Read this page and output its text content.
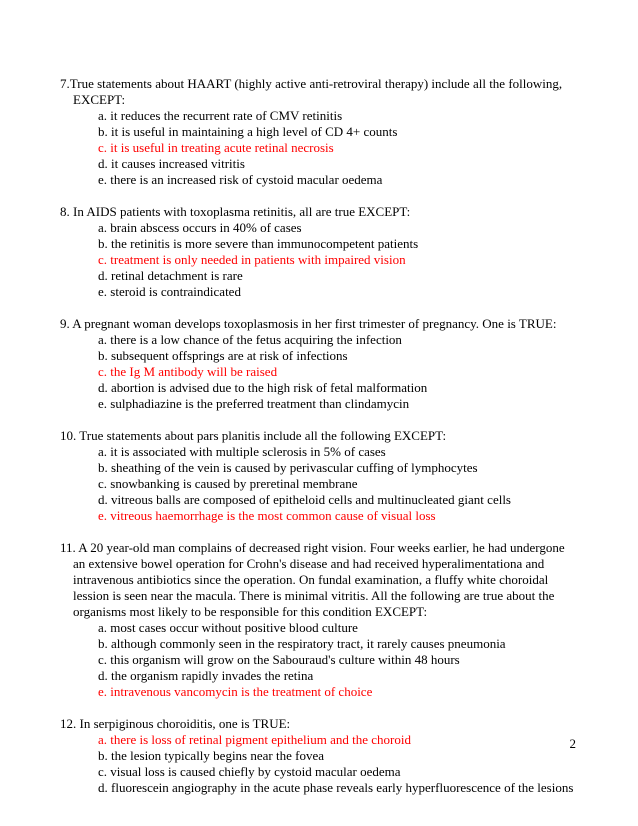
7.True statements about HAART (highly active anti-retroviral therapy) include all the following,
EXCEPT:
a. it reduces the recurrent rate of CMV retinitis
b. it is useful in maintaining a high level of CD 4+ counts
c. it is useful in treating acute retinal necrosis
d. it causes increased vitritis
e. there is an increased risk of cystoid macular oedema
8. In AIDS patients with toxoplasma retinitis, all are true EXCEPT:
a. brain abscess occurs in 40% of cases
b. the retinitis is more severe than immunocompetent patients
c. treatment is only needed in patients with impaired vision
d. retinal detachment is rare
e. steroid is contraindicated
9. A pregnant woman develops toxoplasmosis in her first trimester of pregnancy. One is TRUE:
a. there is a low chance of the fetus acquiring the infection
b. subsequent offsprings are at risk of infections
c. the Ig M antibody will be raised
d. abortion is advised due to the high risk of fetal malformation
e. sulphadiazine is the preferred treatment than clindamycin
10. True statements about pars planitis include all the following EXCEPT:
a. it is associated with multiple sclerosis in 5% of cases
b. sheathing of the vein is caused by perivascular cuffing of lymphocytes
c. snowbanking is caused by preretinal membrane
d. vitreous balls are composed of epitheloid cells and multinucleated giant cells
e. vitreous haemorrhage is the most common cause of visual loss
11. A 20 year-old man complains of decreased right vision. Four weeks earlier, he had undergone
an extensive bowel operation for Crohn's disease and had received hyperalimentationa and
intravenous antibiotics since the operation. On fundal examination, a fluffy white choroidal
lession is seen near the macula. There is minimal vitritis. All the following are true about the
organisms most likely to be responsible for this condition EXCEPT:
a. most cases occur without positive blood culture
b. although commonly seen in the respiratory tract, it rarely causes pneumonia
c. this organism will grow on the Sabouraud's culture within 48 hours
d. the organism rapidly invades the retina
e. intravenous vancomycin is the treatment of choice
12. In serpiginous choroiditis, one is TRUE:
a. there is loss of retinal pigment epithelium and the choroid
b. the lesion typically begins near the fovea
c. visual loss is caused chiefly by cystoid macular oedema
d. fluorescein angiography in the acute phase reveals early hyperfluorescence of the lesions
2
